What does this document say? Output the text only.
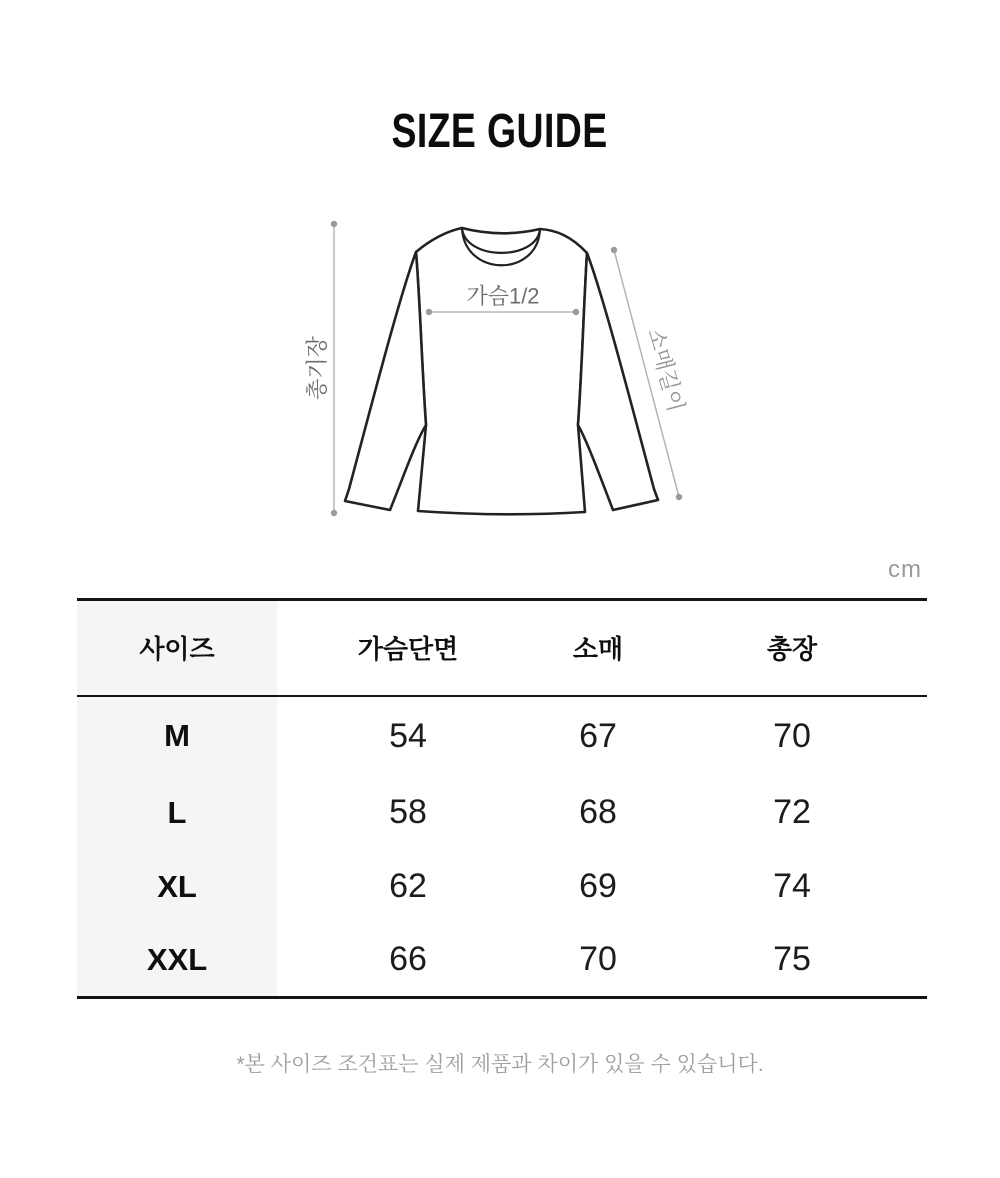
SIZE GUIDE
총기장
가슴1/2
소매길이
cm
사이즈	가슴단면	소매	총장
M	54	67	70
L	58	68	72
XL	62	69	74
XXL	66	70	75

*본 사이즈 조건표는 실제 제품과 차이가 있을 수 있습니다.
